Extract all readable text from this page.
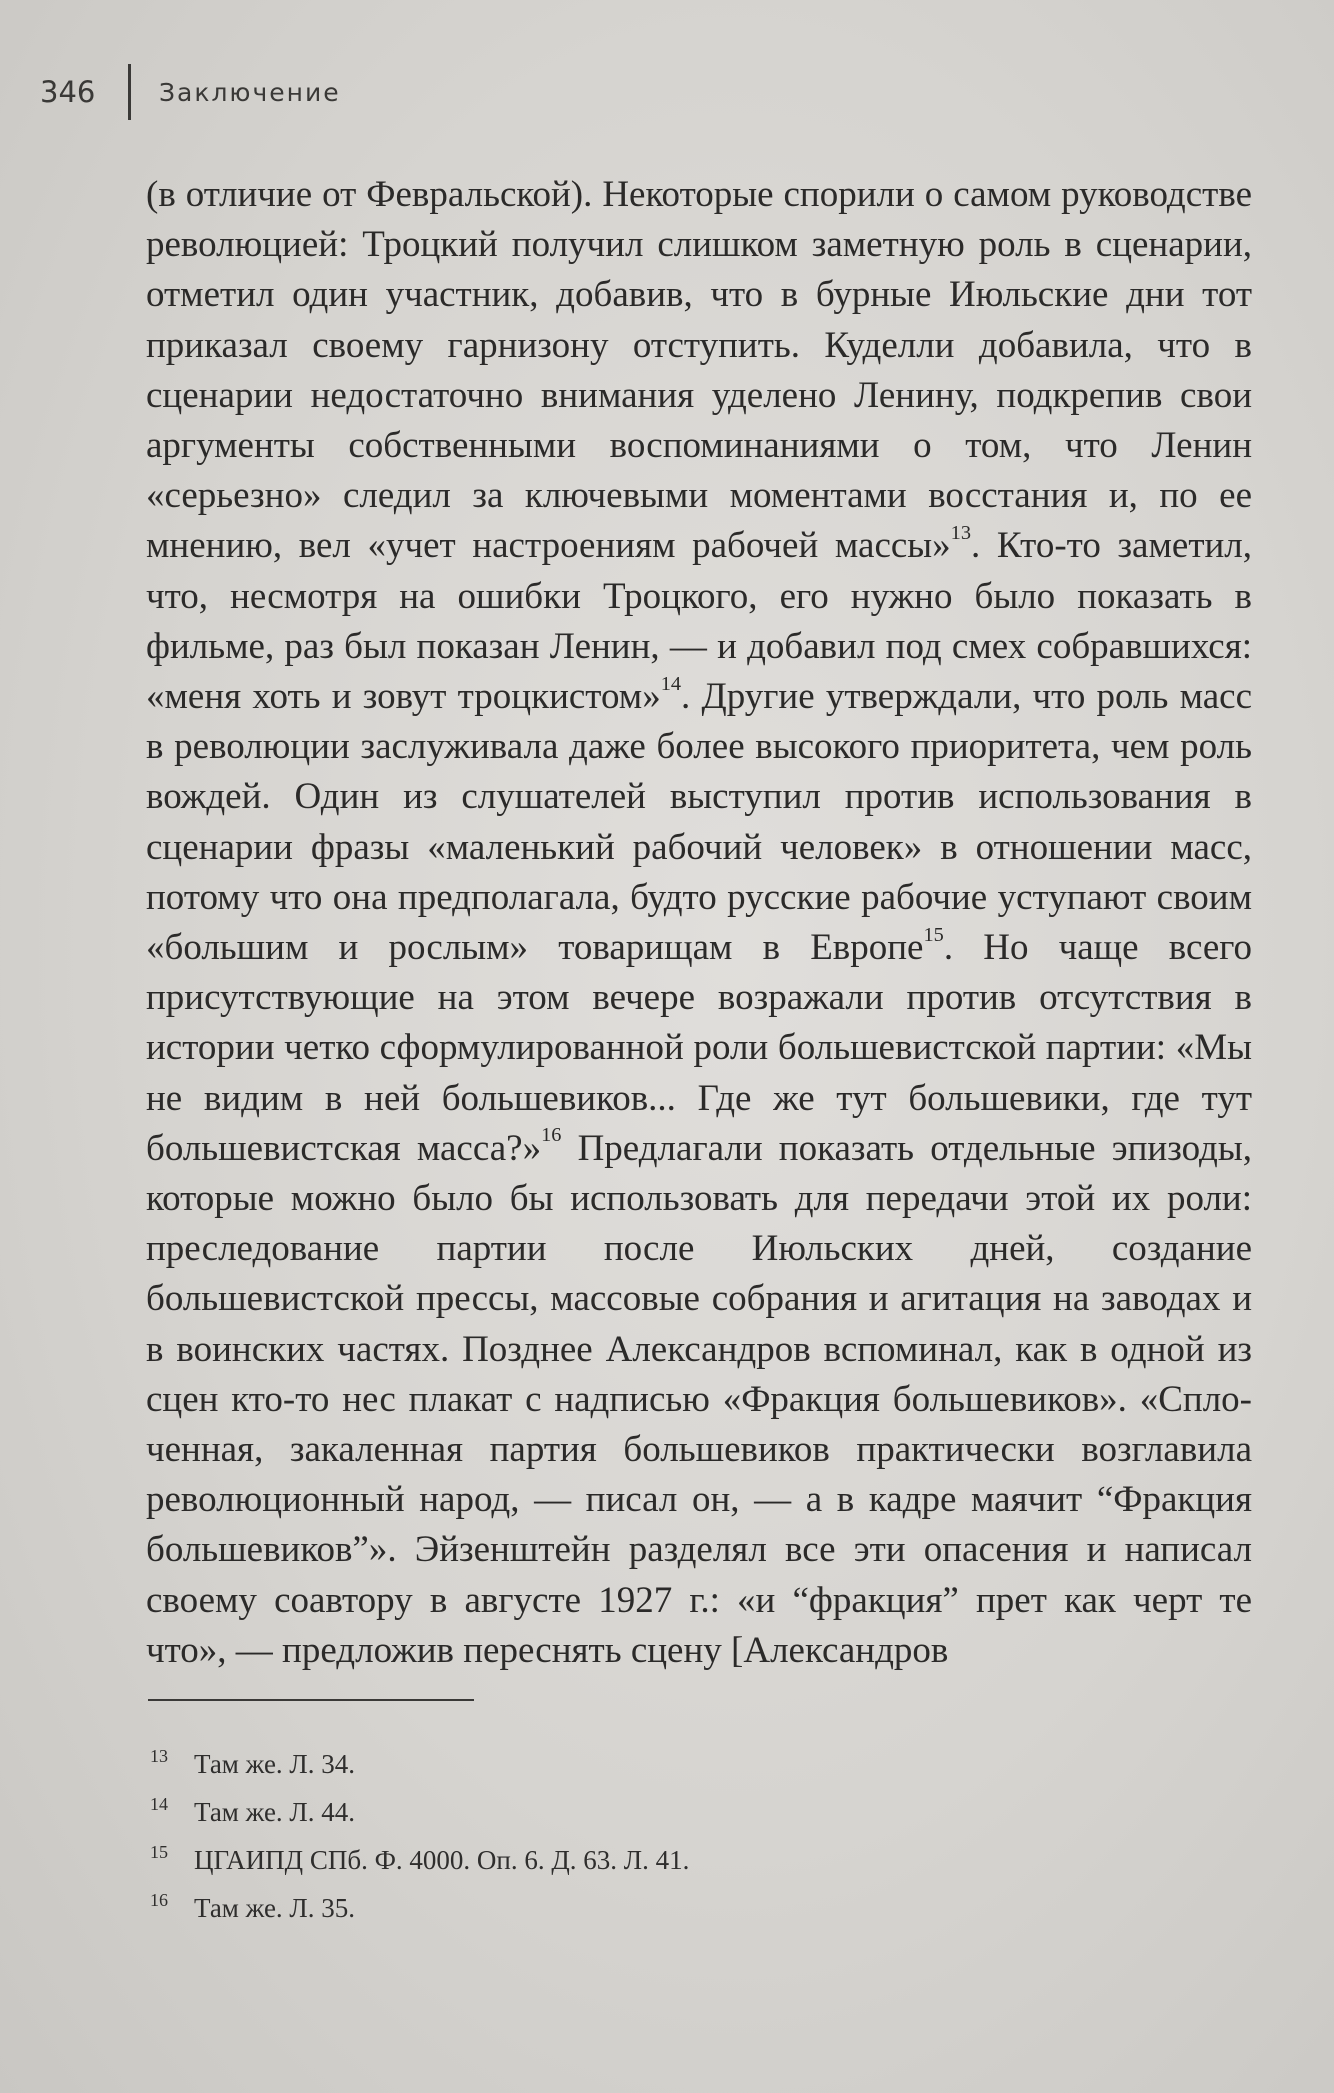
346	Заключение
(в отличие от Февральской). Некоторые спорили о самом руководстве революцией: Троцкий получил слишком заметную роль в сценарии, отметил один участник, добавив, что в бурные Июльские дни тот приказал своему гарнизону отступить. Куделли добавила, что в сценарии недостаточно внимания уделено Ленину, подкрепив свои аргументы собственными воспоминаниями о том, что Ленин «серьезно» следил за ключевыми моментами восстания и, по ее мнению, вел «учет настроениям рабочей массы»$^{13}$. Кто-то заметил, что, несмотря на ошибки Троцкого, его нужно было показать в фильме, раз был показан Ленин, — и добавил под смех собравшихся: «меня хоть и зовут троцкистом»$^{14}$. Другие утверждали, что роль масс в революции заслуживала даже более высокого приоритета, чем роль вождей. Один из слушателей выступил против использования в сценарии фразы «маленький рабочий человек» в отношении масс, потому что она предполагала, будто русские рабочие уступают своим «большим и рослым» товарищам в Европе$^{15}$. Но чаще всего присутствующие на этом вечере возражали против отсутствия в истории четко сформулированной роли большевистской партии: «Мы не видим в ней большевиков... Где же тут большевики, где тут большевистская масса?»$^{16}$ Предлагали показать отдельные эпизоды, которые можно было бы использовать для передачи этой их роли: преследование партии после Июльских дней, создание большевистской прессы, массовые собрания и агитация на заводах и в воинских частях. Позднее Александров вспоминал, как в одной из сцен кто-то нес плакат с надписью «Фракция большевиков». «Сплоченная, закаленная партия большевиков практически возглавила революционный народ, — писал он, — а в кадре маячит “Фракция большевиков”». Эйзенштейн разделял все эти опасения и написал своему соавтору в августе 1927 г.: «и “фракция” прет как черт те что», — предложив переснять сцену [Александров
13 Там же. Л. 34.
14 Там же. Л. 44.
15 ЦГАИПД СПб. Ф. 4000. Оп. 6. Д. 63. Л. 41.
16 Там же. Л. 35.
